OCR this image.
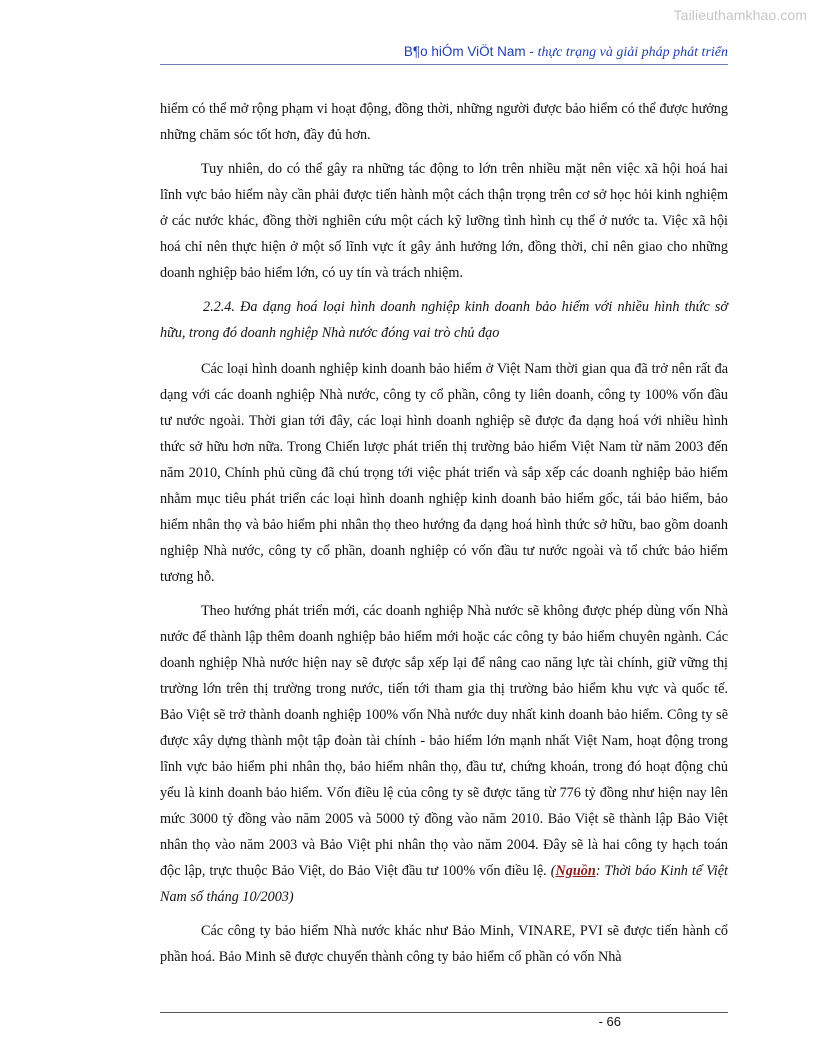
Tailieuthamkhao.com
B¶o hiÓm ViÖt Nam - thực trạng và giải pháp phát triển

hiểm có thể mở rộng phạm vi hoạt động, đồng thời, những người được bảo hiểm có thể được hưởng những chăm sóc tốt hơn, đầy đủ hơn.

Tuy nhiên, do có thể gây ra những tác động to lớn trên nhiều mặt nên việc xã hội hoá hai lĩnh vực bảo hiểm này cần phải được tiến hành một cách thận trọng trên cơ sở học hỏi kinh nghiệm ở các nước khác, đồng thời nghiên cứu một cách kỹ lưỡng tình hình cụ thể ở nước ta. Việc xã hội hoá chỉ nên thực hiện ở một số lĩnh vực ít gây ảnh hưởng lớn, đồng thời, chỉ nên giao cho những doanh nghiệp bảo hiểm lớn, có uy tín và trách nhiệm.

2.2.4. Đa dạng hoá loại hình doanh nghiệp kinh doanh bảo hiểm với nhiều hình thức sở hữu, trong đó doanh nghiệp Nhà nước đóng vai trò chủ đạo

Các loại hình doanh nghiệp kinh doanh bảo hiểm ở Việt Nam thời gian qua đã trở nên rất đa dạng với các doanh nghiệp Nhà nước, công ty cổ phần, công ty liên doanh, công ty 100% vốn đầu tư nước ngoài. Thời gian tới đây, các loại hình doanh nghiệp sẽ được đa dạng hoá với nhiều hình thức sở hữu hơn nữa. Trong Chiến lược phát triển thị trường bảo hiểm Việt Nam từ năm 2003 đến năm 2010, Chính phủ cũng đã chú trọng tới việc phát triển và sắp xếp các doanh nghiệp bảo hiểm nhằm mục tiêu phát triển các loại hình doanh nghiệp kinh doanh bảo hiểm gốc, tái bảo hiểm, bảo hiểm nhân thọ và bảo hiểm phi nhân thọ theo hướng đa dạng hoá hình thức sở hữu, bao gồm doanh nghiệp Nhà nước, công ty cổ phần, doanh nghiệp có vốn đầu tư nước ngoài và tổ chức bảo hiểm tương hỗ.

Theo hướng phát triển mới, các doanh nghiệp Nhà nước sẽ không được phép dùng vốn Nhà nước để thành lập thêm doanh nghiệp bảo hiểm mới hoặc các công ty bảo hiểm chuyên ngành. Các doanh nghiệp Nhà nước hiện nay sẽ được sắp xếp lại để nâng cao năng lực tài chính, giữ vững thị trường lớn trên thị trường trong nước, tiến tới tham gia thị trường bảo hiểm khu vực và quốc tế. Bảo Việt sẽ trở thành doanh nghiệp 100% vốn Nhà nước duy nhất kinh doanh bảo hiểm. Công ty sẽ được xây dựng thành một tập đoàn tài chính - bảo hiểm lớn mạnh nhất Việt Nam, hoạt động trong lĩnh vực bảo hiểm phi nhân thọ, bảo hiểm nhân thọ, đầu tư, chứng khoán, trong đó hoạt động chủ yếu là kinh doanh bảo hiểm. Vốn điều lệ của công ty sẽ được tăng từ 776 tỷ đồng như hiện nay lên mức 3000 tỷ đồng vào năm 2005 và 5000 tỷ đồng vào năm 2010. Bảo Việt sẽ thành lập Bảo Việt nhân thọ vào năm 2003 và Bảo Việt phi nhân thọ vào năm 2004. Đây sẽ là hai công ty hạch toán độc lập, trực thuộc Bảo Việt, do Bảo Việt đầu tư 100% vốn điều lệ. (Nguồn: Thời báo Kinh tế Việt Nam số tháng 10/2003)

Các công ty bảo hiểm Nhà nước khác như Bảo Minh, VINARE, PVI sẽ được tiến hành cổ phần hoá. Bảo Minh sẽ được chuyển thành công ty bảo hiểm cổ phần có vốn Nhà

- 66
